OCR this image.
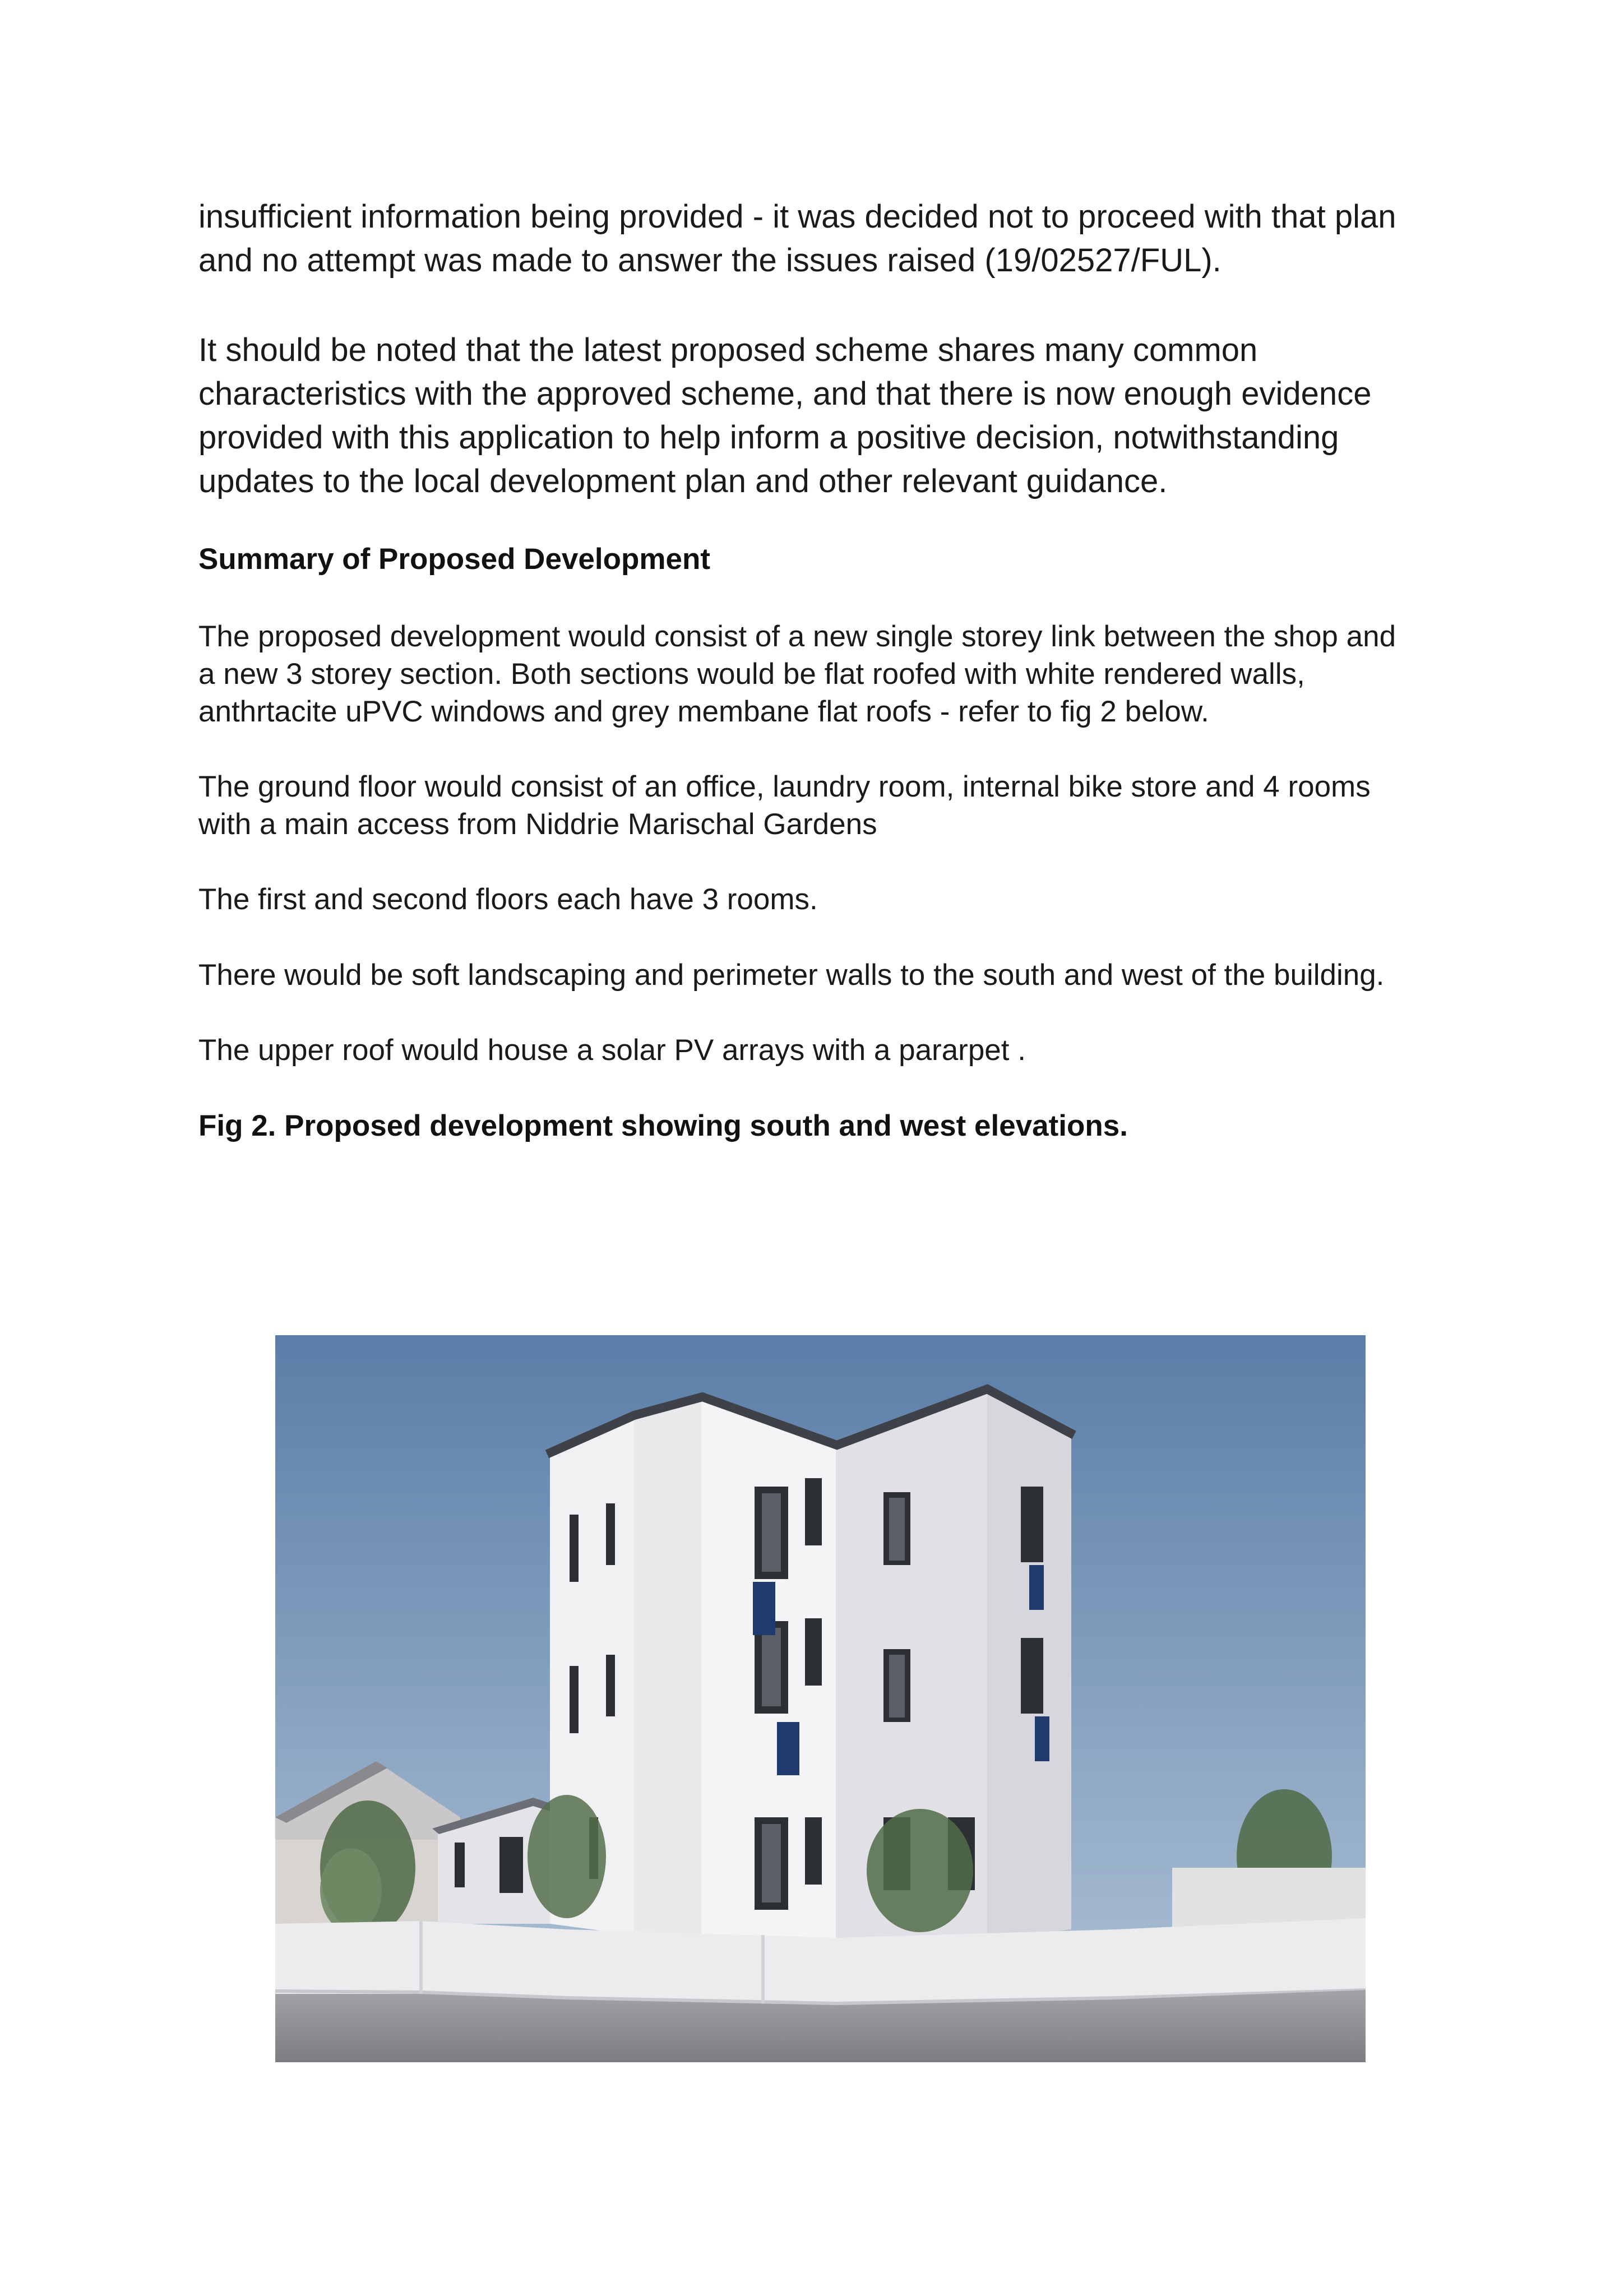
insufficient information being provided - it was decided not to proceed with that plan
and no attempt was made to answer the issues raised (19/02527/FUL).

It should be noted that the latest proposed scheme shares many common
characteristics with the approved scheme, and that there is now enough evidence
provided with this application to help inform a positive decision, notwithstanding
updates to the local development plan and other relevant guidance.

Summary of Proposed Development

The proposed development would consist of a new single storey link between the shop and
a new 3 storey section. Both sections would be flat roofed with white rendered walls,
anthrtacite uPVC windows and grey membane flat roofs - refer to fig 2 below.

The ground floor would consist of an office, laundry room, internal bike store and 4 rooms
with a main access from Niddrie Marischal Gardens

The first and second floors each have 3 rooms.

There would be soft landscaping and perimeter walls to the south and west of the building.

The upper roof would house a solar PV arrays with a pararpet .

Fig 2. Proposed development showing south and west elevations.
